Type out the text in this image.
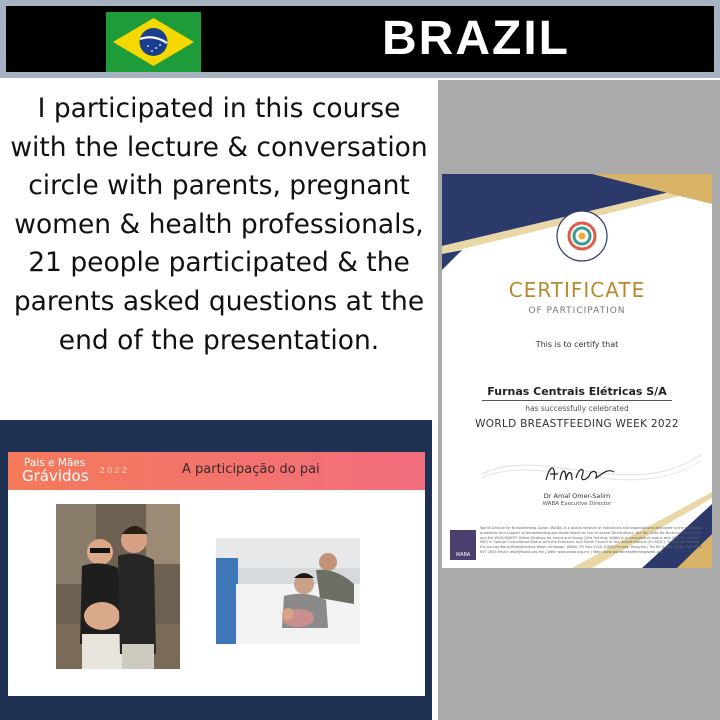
BRAZIL
I participated in this course with the lecture & conversation circle with parents, pregnant women & health professionals, 21 people participated & the parents asked questions at the end of the presentation.
CERTIFICATE
OF PARTICIPATION
This is to certify that
Furnas Centrais Elétricas S/A
has successfully celebrated
WORLD BREASTFEEDING WEEK 2022
Dr Amal Omer-Salim
WABA Executive Director
WABA
World Alliance for Breastfeeding Action (WABA) is a global network of individuals and organisations dedicated to the protection, promotion and support of breastfeeding worldwide based on the Innocenti Declarations, the Ten Links for Nurturing the Future and the WHO/UNICEF Global Strategy for Infant and Young Child Feeding. WABA is in consultative status with UNICEF and an NGO in Special Consultative Status with the Economic and Social Council of the United Nations (ECOSOC). WABA coordinates the annual World Breastfeeding Week campaign. WABA, PO Box 1200 10850 Penang, Malaysia | Tel: 60-4-658 4816 | Fax: 60-4-657 2655 Email: wbw@waba.org.my | Web: www.waba.org.my | Web: www.worldbreastfeedingweek.org
Pais e Mães
Grávidos 2022	A participação do pai
